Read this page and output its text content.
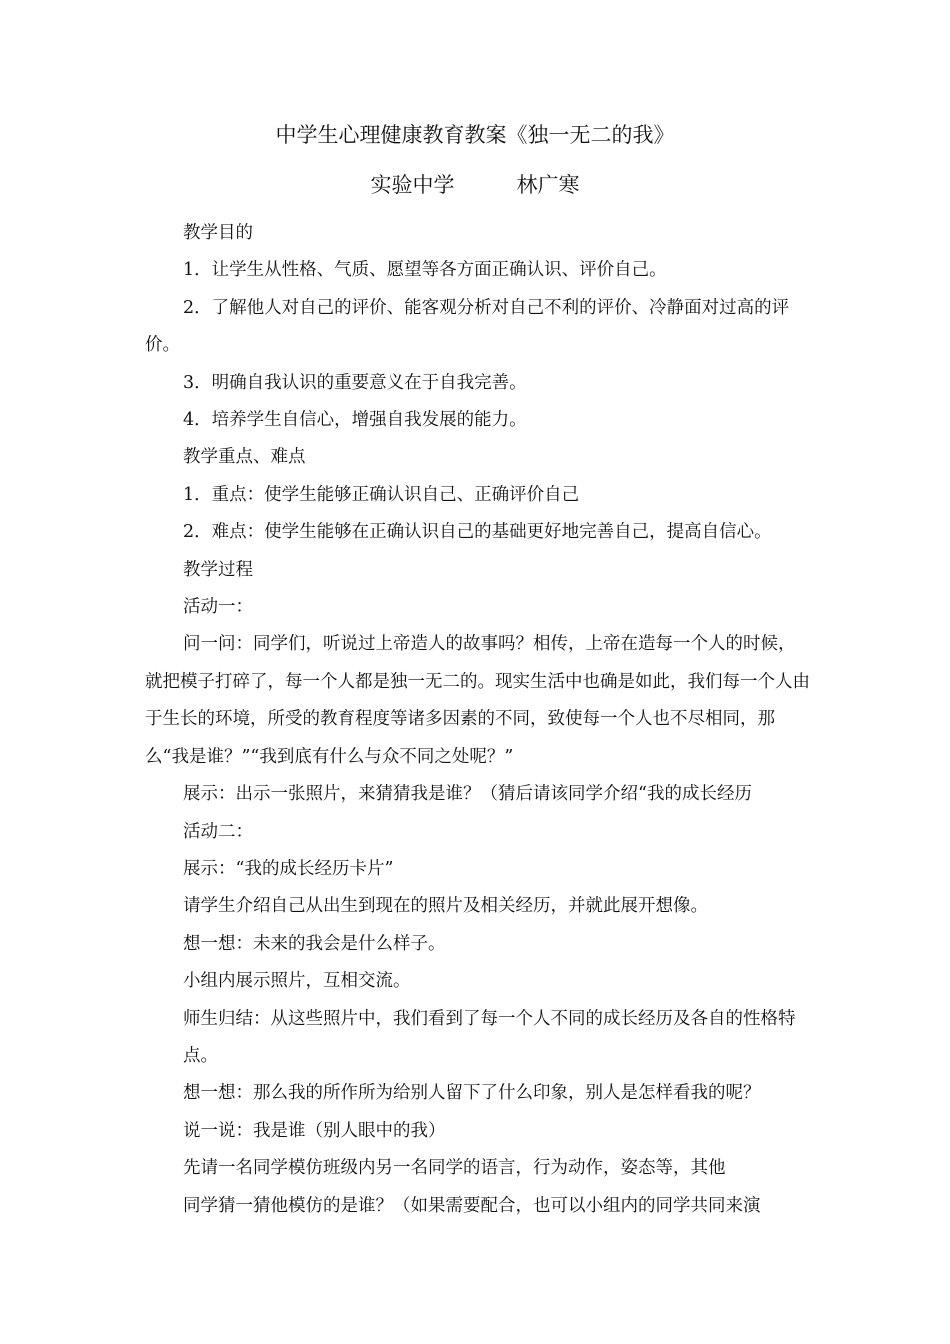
中学生心理健康教育教案《独一无二的我》
实验中学	林广寒

教学目的

1．让学生从性格、气质、愿望等各方面正确认识、评价自己。

2．了解他人对自己的评价、能客观分析对自己不利的评价、冷静面对过高的评价。

3．明确自我认识的重要意义在于自我完善。

4．培养学生自信心，增强自我发展的能力。

教学重点、难点

1．重点：使学生能够正确认识自己、正确评价自己

2．难点：使学生能够在正确认识自己的基础更好地完善自己，提高自信心。

教学过程

活动一：

问一问：同学们，听说过上帝造人的故事吗？相传，上帝在造每一个人的时候，就把模子打碎了，每一个人都是独一无二的。现实生活中也确是如此，我们每一个人由于生长的环境，所受的教育程度等诸多因素的不同，致使每一个人也不尽相同，那么“我是谁？”“我到底有什么与众不同之处呢？”

展示：出示一张照片，来猜猜我是谁？（猜后请该同学介绍“我的成长经历

活动二：

展示：“我的成长经历卡片”

请学生介绍自己从出生到现在的照片及相关经历，并就此展开想像。

想一想：未来的我会是什么样子。

小组内展示照片，互相交流。

师生归结：从这些照片中，我们看到了每一个人不同的成长经历及各自的性格特点。

想一想：那么我的所作所为给别人留下了什么印象，别人是怎样看我的呢？

说一说：我是谁（别人眼中的我）

先请一名同学模仿班级内另一名同学的语言，行为动作，姿态等，其他

同学猜一猜他模仿的是谁？（如果需要配合，也可以小组内的同学共同来演
